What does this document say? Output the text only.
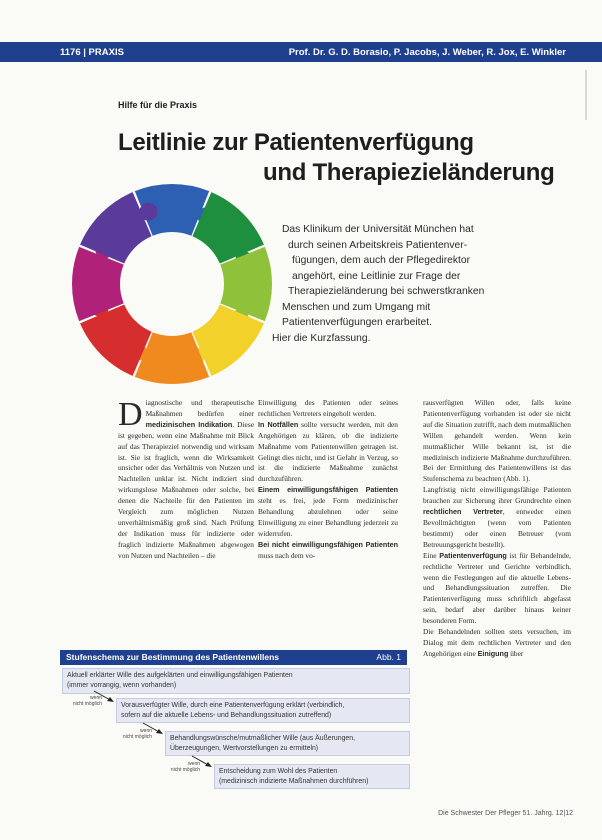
1176 | PRAXIS	Prof. Dr. G. D. Borasio, P. Jacobs, J. Weber, R. Jox, E. Winkler
Hilfe für die Praxis
Leitlinie zur Patientenverfügung
und Therapiezieländerung
Das Klinikum der Universität München hat
durch seinen Arbeitskreis Patientenver-
fügungen, dem auch der Pflegedirektor
angehört, eine Leitlinie zur Frage der
Therapiezieländerung bei schwerstkranken
Menschen und zum Umgang mit
Patientenverfügungen erarbeitet.
Hier die Kurzfassung.
D iagnostische und therapeutische Maßnahmen bedürfen einer medizinischen Indikation. Diese ist gegeben, wenn eine Maßnahme mit Blick auf das Therapieziel notwendig und wirksam ist. Sie ist fraglich, wenn die Wirksamkeit unsicher oder das Verhältnis von Nutzen und Nachteilen unklar ist. Nicht indiziert sind wirkungslose Maßnahmen oder solche, bei denen die Nachteile für den Patienten im Vergleich zum möglichen Nutzen unverhältnismäßig groß sind. Nach Prüfung der Indikation muss für indizierte oder fraglich indizierte Maßnahmen abgewogen von Nutzen und Nachteilen – die

Einwilligung des Patienten oder seines rechtlichen Vertreters eingeholt werden.

In Notfällen sollte versucht werden, mit den Angehörigen zu klären, ob die indizierte Maßnahme vom Patientenwillen getragen ist. Gelingt dies nicht, und ist Gefahr in Verzug, so ist die indizierte Maßnahme zunächst durchzuführen.

Einem einwilligungsfähigen Patienten steht es frei, jede Form medizinischer Behandlung abzulehnen oder seine Einwilligung zu einer Behandlung jederzeit zu widerrufen.

Bei nicht einwilligungsfähigen Patienten muss nach dem vo-

rausverfügten Willen oder, falls keine Patientenverfügung vorhanden ist oder sie nicht auf die Situation zutrifft, nach dem mutmaßlichen Willen gehandelt werden. Wenn kein mutmaßlicher Wille bekannt ist, ist die medizinisch indizierte Maßnahme durchzuführen. Bei der Ermittlung des Patientenwillens ist das Stufenschema zu beachten (Abb. 1).

Langfristig nicht einwilligungsfähige Patienten brauchen zur Sicherung ihrer Grundrechte einen rechtlichen Vertreter, entweder einen Bevollmächtigten (wenn vom Patienten bestimmt) oder einen Betreuer (vom Betreuungsgericht bestellt).

Eine Patientenverfügung ist für Behandelnde, rechtliche Vertreter und Gerichte verbindlich, wenn die Festlegungen auf die aktuelle Lebens- und Behandlungssituation zutreffen. Die Patientenverfügung muss schriftlich abgefasst sein, bedarf aber darüber hinaus keiner besonderen Form.

Die Behandelnden sollten stets versuchen, im Dialog mit dem rechtlichen Vertreter und den Angehörigen eine Einigung über

Stufenschema zur Bestimmung des Patientenwillens	Abb. 1
Aktuell erklärter Wille des aufgeklärten und einwilligungsfähigen Patienten
(immer vorrangig, wenn vorhanden)
wenn
nicht möglich	Vorausverfügter Wille, durch eine Patientenverfügung erklärt (verbindlich,
sofern auf die aktuelle Lebens- und Behandlungssituation zutreffend)
wenn
nicht möglich	Behandlungswünsche/mutmaßlicher Wille (aus Äußerungen,
Überzeugungen, Wertvorstellungen zu ermitteln)
wenn
nicht möglich	Entscheidung zum Wohl des Patienten
(medizinisch indizierte Maßnahmen durchführen)
Die Schwester Der Pfleger 51. Jahrg. 12|12
